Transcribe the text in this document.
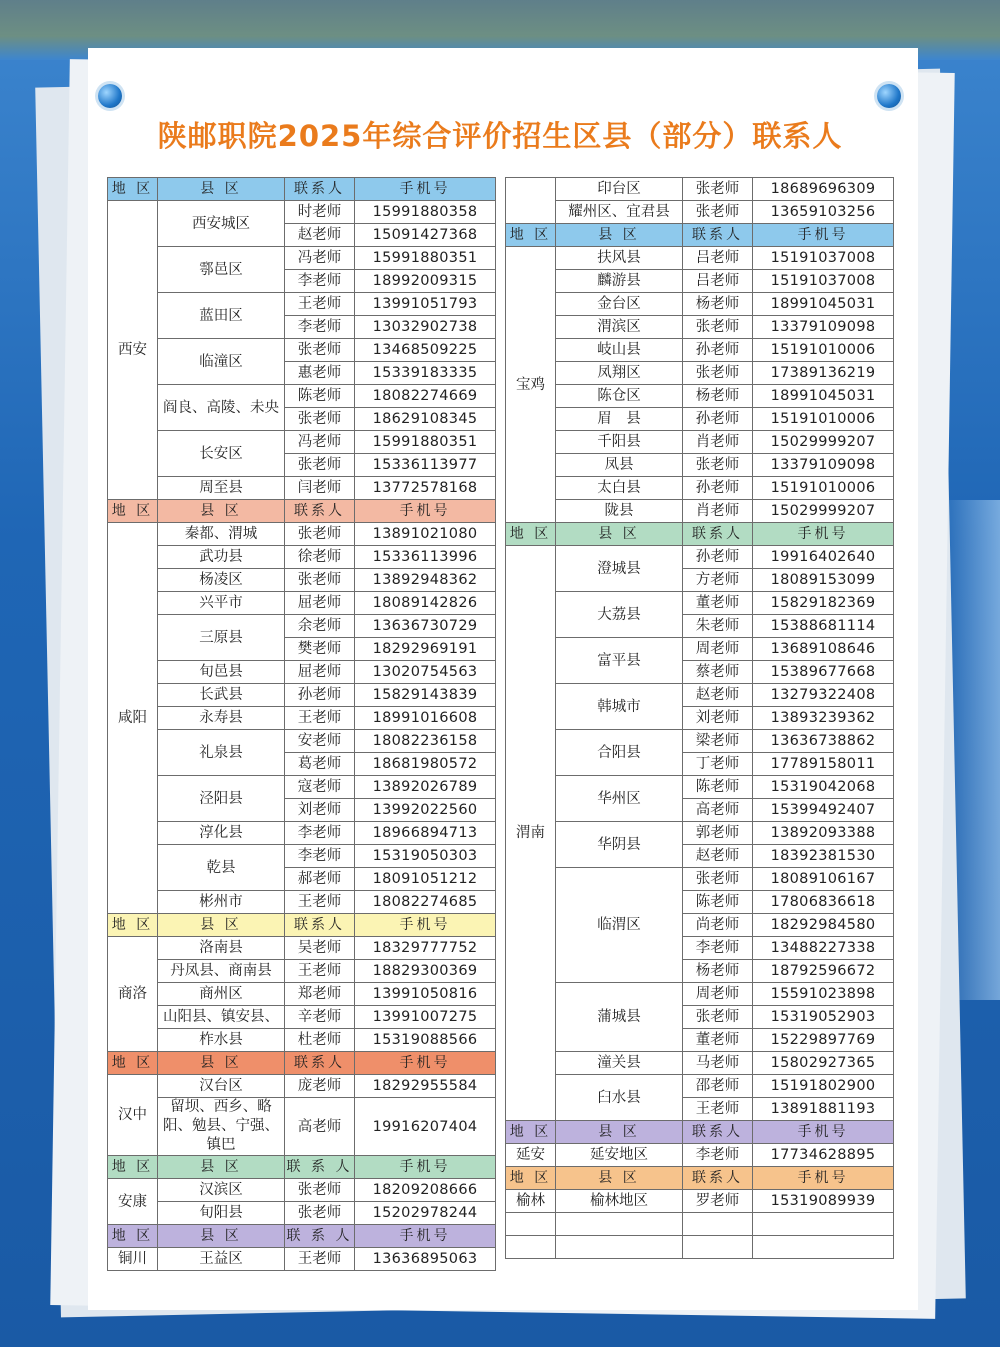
陕邮职院2025年综合评价招生区县（部分）联系人
地 区	县 区	联系人	手机号
西安	西安城区	时老师	15991880358
		赵老师	15091427368
	鄠邑区	冯老师	15991880351
		李老师	18992009315
	蓝田区	王老师	13991051793
		李老师	13032902738
	临潼区	张老师	13468509225
		惠老师	15339183335
	阎良、高陵、未央	陈老师	18082274669
		张老师	18629108345
	长安区	冯老师	15991880351
		张老师	15336113977
	周至县	闫老师	13772578168
地 区	县 区	联系人	手机号
咸阳	秦都、渭城	张老师	13891021080
	武功县	徐老师	15336113996
	杨凌区	张老师	13892948362
	兴平市	屈老师	18089142826
	三原县	余老师	13636730729
		樊老师	18292969191
	旬邑县	屈老师	13020754563
	长武县	孙老师	15829143839
	永寿县	王老师	18991016608
	礼泉县	安老师	18082236158
		葛老师	18681980572
	泾阳县	寇老师	13892026789
		刘老师	13992022560
	淳化县	李老师	18966894713
	乾县	李老师	15319050303
		郝老师	18091051212
	彬州市	王老师	18082274685
地 区	县 区	联系人	手机号
商洛	洛南县	吴老师	18329777752
	丹凤县、商南县	王老师	18829300369
	商州区	郑老师	13991050816
	山阳县、镇安县、	辛老师	13991007275
	柞水县	杜老师	15319088566
地 区	县 区	联系人	手机号
汉中	汉台区	庞老师	18292955584
	留坝、西乡、略阳、勉县、宁强、镇巴	高老师	19916207404
地 区	县 区	联 系 人	手机号
安康	汉滨区	张老师	18209208666
	旬阳县	张老师	15202978244
地 区	县 区	联 系 人	手机号
铜川	王益区	王老师	13636895063
	印台区	张老师	18689696309
	耀州区、宜君县	张老师	13659103256
地 区	县 区	联系人	手机号
宝鸡	扶风县	吕老师	15191037008
	麟游县	吕老师	15191037008
	金台区	杨老师	18991045031
	渭滨区	张老师	13379109098
	岐山县	孙老师	15191010006
	凤翔区	张老师	17389136219
	陈仓区	杨老师	18991045031
	眉　县	孙老师	15191010006
	千阳县	肖老师	15029999207
	凤县	张老师	13379109098
	太白县	孙老师	15191010006
	陇县	肖老师	15029999207
地 区	县 区	联系人	手机号
渭南	澄城县	孙老师	19916402640
		方老师	18089153099
	大荔县	董老师	15829182369
		朱老师	15388681114
	富平县	周老师	13689108646
		蔡老师	15389677668
	韩城市	赵老师	13279322408
		刘老师	13893239362
	合阳县	梁老师	13636738862
		丁老师	17789158011
	华州区	陈老师	15319042068
		高老师	15399492407
	华阴县	郭老师	13892093388
		赵老师	18392381530
	临渭区	张老师	18089106167
		陈老师	17806836618
		尚老师	18292984580
		李老师	13488227338
		杨老师	18792596672
	蒲城县	周老师	15591023898
		张老师	15319052903
		董老师	15229897769
	潼关县	马老师	15802927365
	臼水县	邵老师	15191802900
		王老师	13891881193
地 区	县 区	联系人	手机号
延安	延安地区	李老师	17734628895
地 区	县 区	联系人	手机号
榆林	榆林地区	罗老师	15319089939
